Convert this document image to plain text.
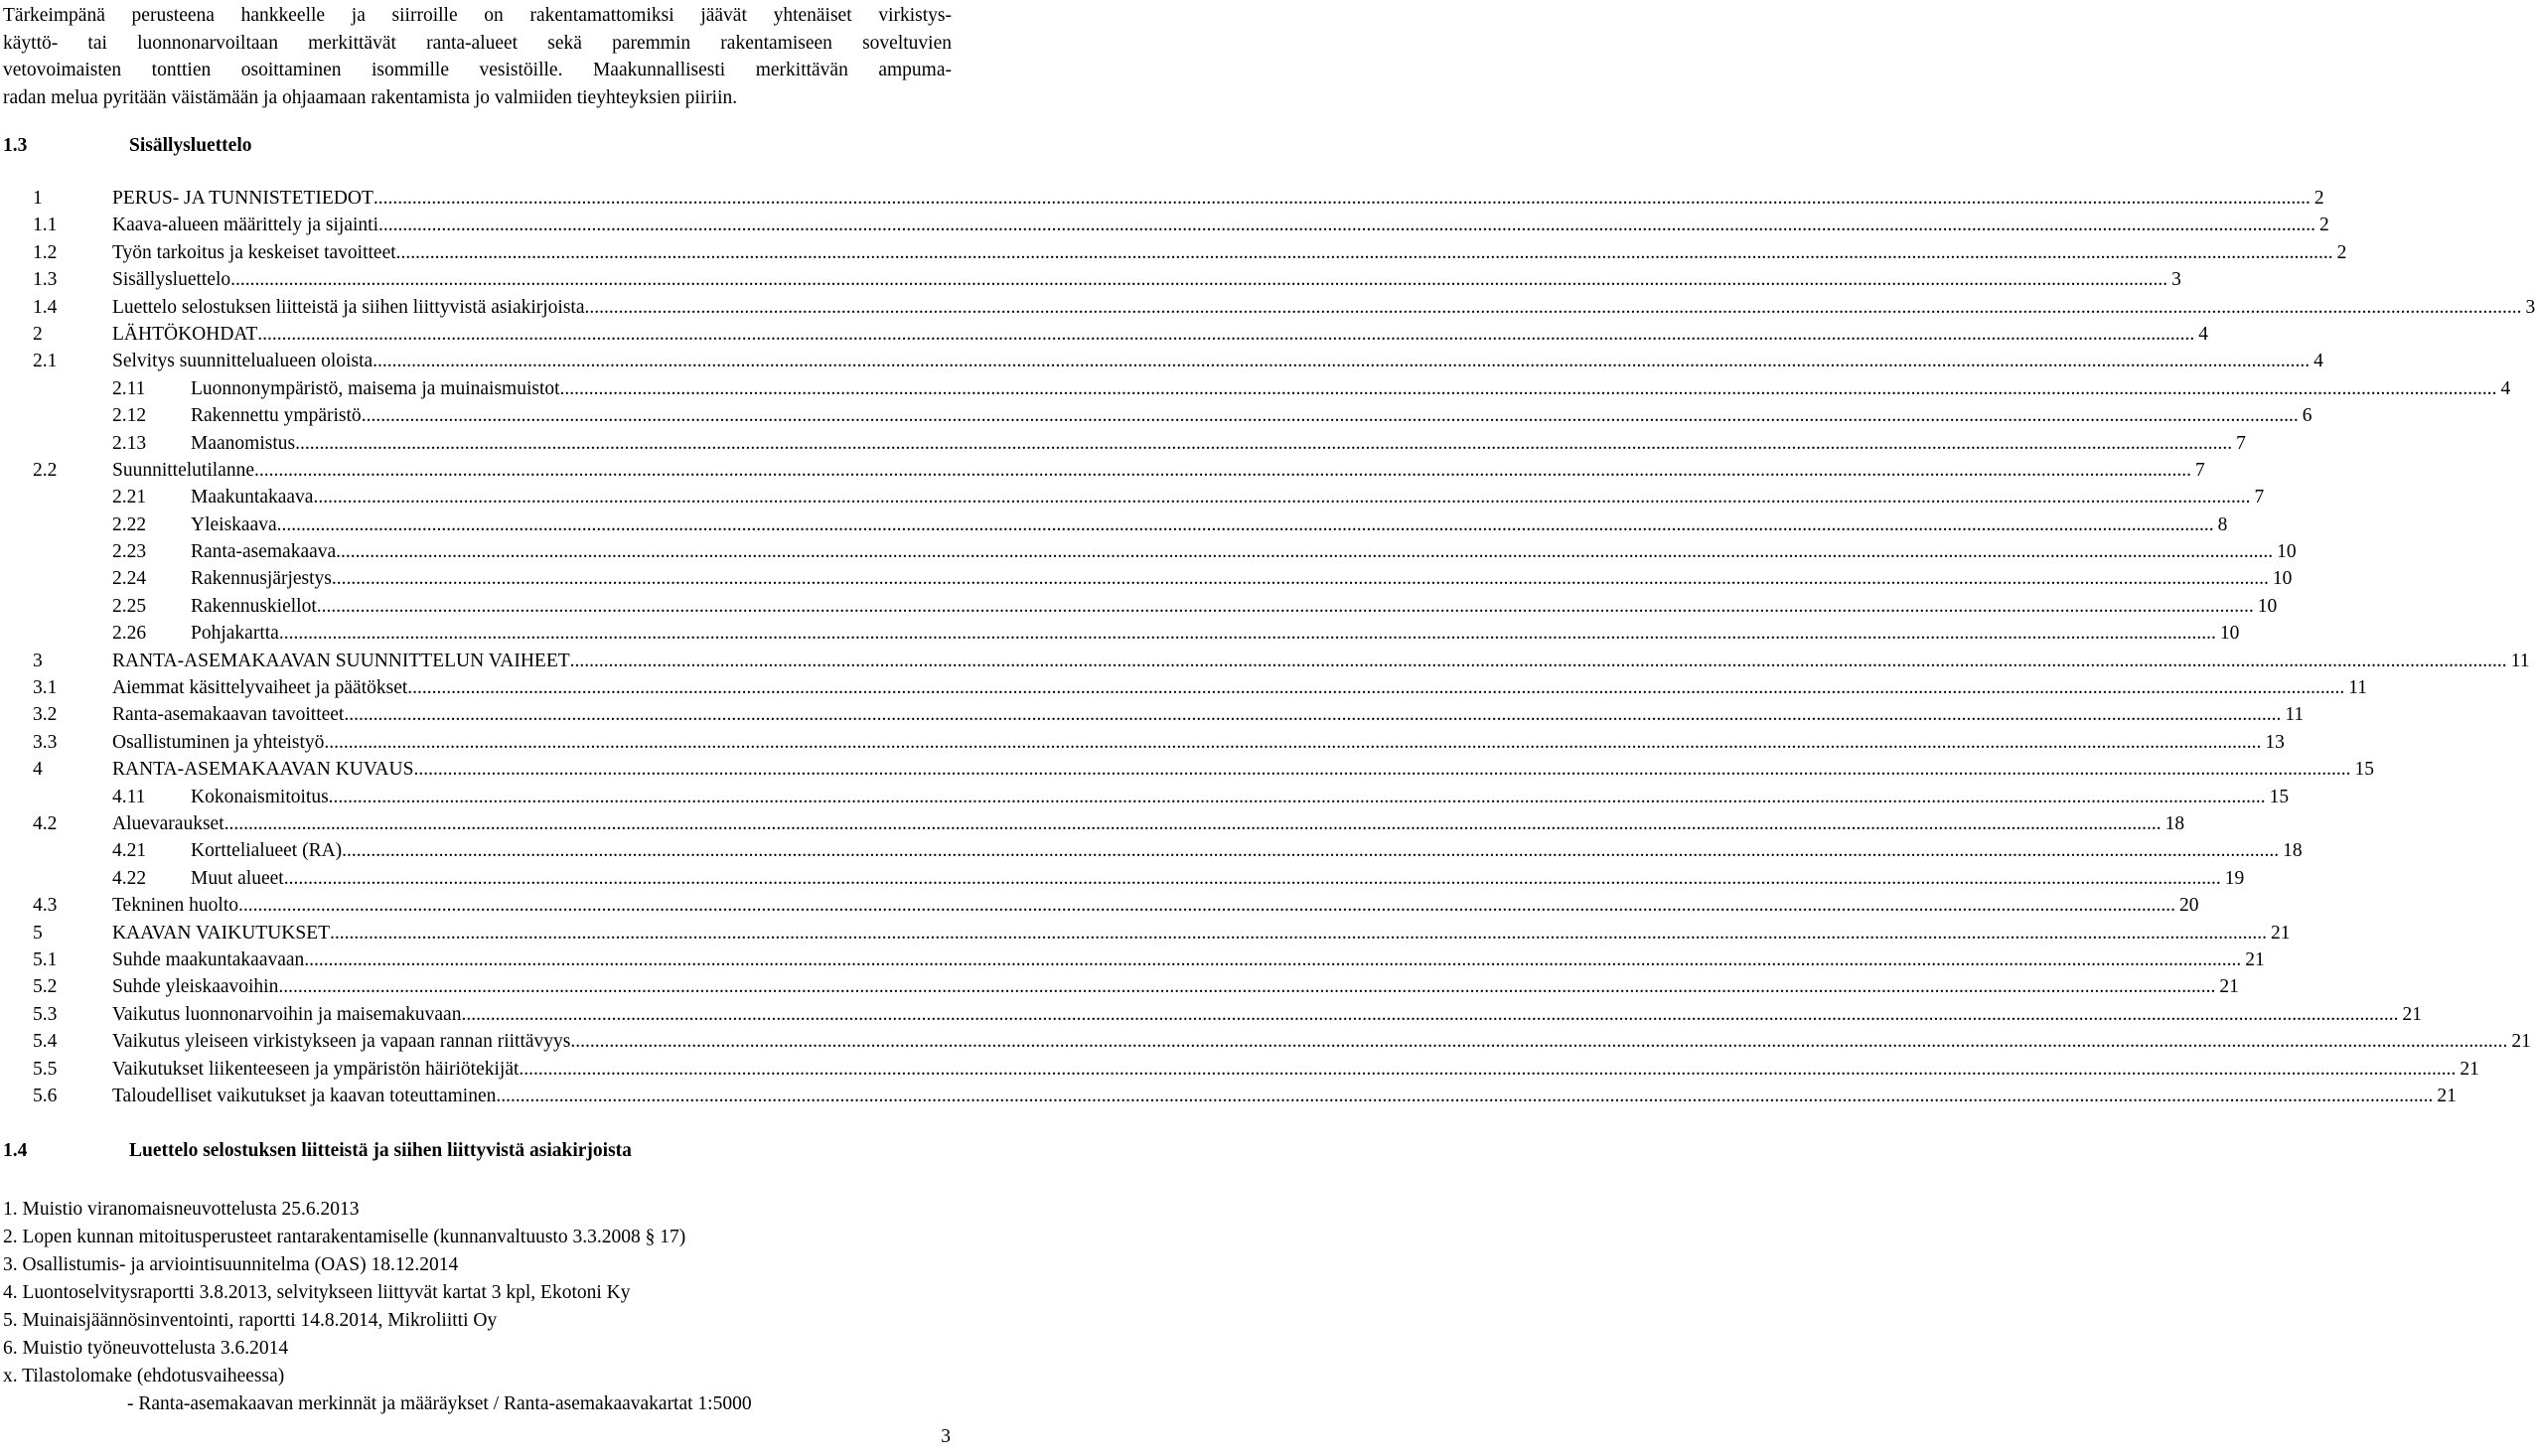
Tärkeimpänä perusteena hankkeelle ja siirroille on rakentamattomiksi jäävät yhtenäiset virkistys-
käyttö- tai luonnonarvoiltaan merkittävät ranta-alueet sekä paremmin rakentamiseen soveltuvien
vetovoimaisten tonttien osoittaminen isommille vesistöille. Maakunnallisesti merkittävän ampuma-
radan melua pyritään väistämään ja ohjaamaan rakentamista jo valmiiden tieyhteyksien piiriin.
1.3	Sisällysluettelo
1	PERUS- JA TUNNISTETIEDOT ................................................................................................................................................................................................................................................................................................................................................................................................................ 2
1.1	Kaava-alueen määrittely ja sijainti ................................................................................................................................................................................................................................................................................................................................................................................................................ 2
1.2	Työn tarkoitus ja keskeiset tavoitteet ................................................................................................................................................................................................................................................................................................................................................................................................................ 2
1.3	Sisällysluettelo ................................................................................................................................................................................................................................................................................................................................................................................................................ 3
1.4	Luettelo selostuksen liitteistä ja siihen liittyvistä asiakirjoista ................................................................................................................................................................................................................................................................................................................................................................................................................ 3
2	LÄHTÖKOHDAT ................................................................................................................................................................................................................................................................................................................................................................................................................ 4
2.1	Selvitys suunnittelualueen oloista ................................................................................................................................................................................................................................................................................................................................................................................................................ 4
2.11 Luonnonympäristö, maisema ja muinaismuistot ................................................................................................................................................................................................................................................................................................................................................................................................................ 4
2.12 Rakennettu ympäristö ................................................................................................................................................................................................................................................................................................................................................................................................................ 6
2.13 Maanomistus ................................................................................................................................................................................................................................................................................................................................................................................................................ 7
2.2	Suunnittelutilanne ................................................................................................................................................................................................................................................................................................................................................................................................................ 7
2.21 Maakuntakaava ................................................................................................................................................................................................................................................................................................................................................................................................................ 7
2.22 Yleiskaava ................................................................................................................................................................................................................................................................................................................................................................................................................ 8
2.23 Ranta-asemakaava ................................................................................................................................................................................................................................................................................................................................................................................................................ 10
2.24 Rakennusjärjestys ................................................................................................................................................................................................................................................................................................................................................................................................................ 10
2.25 Rakennuskiellot ................................................................................................................................................................................................................................................................................................................................................................................................................ 10
2.26 Pohjakartta ................................................................................................................................................................................................................................................................................................................................................................................................................ 10
3	RANTA-ASEMAKAAVAN SUUNNITTELUN VAIHEET ................................................................................................................................................................................................................................................................................................................................................................................................................ 11
3.1	Aiemmat käsittelyvaiheet ja päätökset ................................................................................................................................................................................................................................................................................................................................................................................................................ 11
3.2	Ranta-asemakaavan tavoitteet ................................................................................................................................................................................................................................................................................................................................................................................................................ 11
3.3	Osallistuminen ja yhteistyö ................................................................................................................................................................................................................................................................................................................................................................................................................ 13
4	RANTA-ASEMAKAAVAN KUVAUS ................................................................................................................................................................................................................................................................................................................................................................................................................ 15
4.11 Kokonaismitoitus ................................................................................................................................................................................................................................................................................................................................................................................................................ 15
4.2	Aluevaraukset ................................................................................................................................................................................................................................................................................................................................................................................................................ 18
4.21 Korttelialueet (RA) ................................................................................................................................................................................................................................................................................................................................................................................................................ 18
4.22 Muut alueet ................................................................................................................................................................................................................................................................................................................................................................................................................ 19
4.3	Tekninen huolto ................................................................................................................................................................................................................................................................................................................................................................................................................ 20
5	KAAVAN VAIKUTUKSET ................................................................................................................................................................................................................................................................................................................................................................................................................ 21
5.1	Suhde maakuntakaavaan ................................................................................................................................................................................................................................................................................................................................................................................................................ 21
5.2	Suhde yleiskaavoihin ................................................................................................................................................................................................................................................................................................................................................................................................................ 21
5.3	Vaikutus luonnonarvoihin ja maisemakuvaan ................................................................................................................................................................................................................................................................................................................................................................................................................ 21
5.4	Vaikutus yleiseen virkistykseen ja vapaan rannan riittävyys ................................................................................................................................................................................................................................................................................................................................................................................................................ 21
5.5	Vaikutukset liikenteeseen ja ympäristön häiriötekijät ................................................................................................................................................................................................................................................................................................................................................................................................................ 21
5.6	Taloudelliset vaikutukset ja kaavan toteuttaminen ................................................................................................................................................................................................................................................................................................................................................................................................................ 21
1.4	Luettelo selostuksen liitteistä ja siihen liittyvistä asiakirjoista
1. Muistio viranomaisneuvottelusta 25.6.2013
2. Lopen kunnan mitoitusperusteet rantarakentamiselle (kunnanvaltuusto 3.3.2008 § 17)
3. Osallistumis- ja arviointisuunnitelma (OAS) 18.12.2014
4. Luontoselvitysraportti 3.8.2013, selvitykseen liittyvät kartat 3 kpl, Ekotoni Ky
5. Muinaisjäännösinventointi, raportti 14.8.2014, Mikroliitti Oy
6. Muistio työneuvottelusta 3.6.2014
x. Tilastolomake (ehdotusvaiheessa)
- Ranta-asemakaavan merkinnät ja määräykset / Ranta-asemakaavakartat 1:5000
3
